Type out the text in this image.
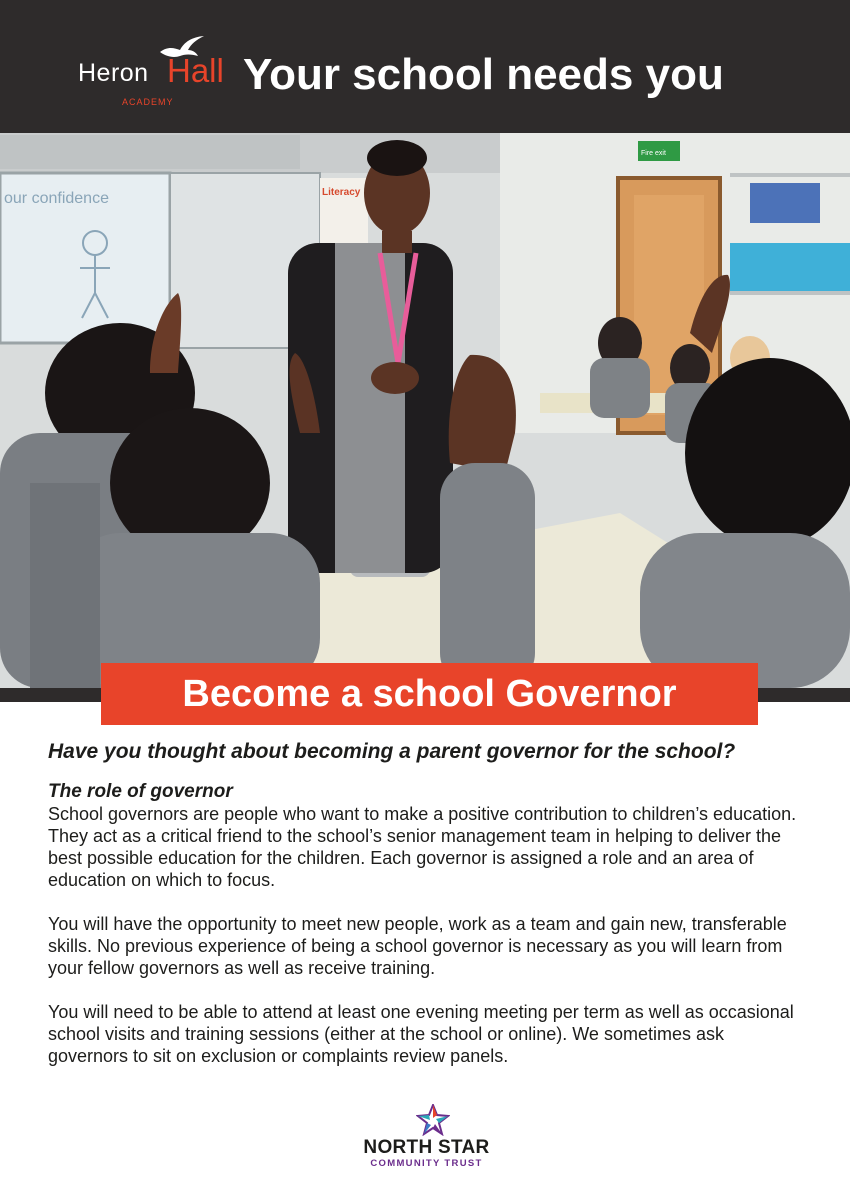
Heron Hall
ACADEMY
Your school needs you
our confidence	Literacy
Fire exit
Become a school Governor

Have you thought about becoming a parent governor for the school?

The role of governor

School governors are people who want to make a positive contribution to children’s education. They act as a critical friend to the school’s senior management team in helping to deliver the best possible education for the children. Each governor is assigned a role and an area of education on which to focus.

You will have the opportunity to meet new people, work as a team and gain new, transferable skills. No previous experience of being a school governor is necessary as you will learn from your fellow governors as well as receive training.

You will need to be able to attend at least one evening meeting per term as well as occasional school visits and training sessions (either at the school or online). We sometimes ask governors to sit on exclusion or complaints review panels.

NORTH STAR
COMMUNITY TRUST
